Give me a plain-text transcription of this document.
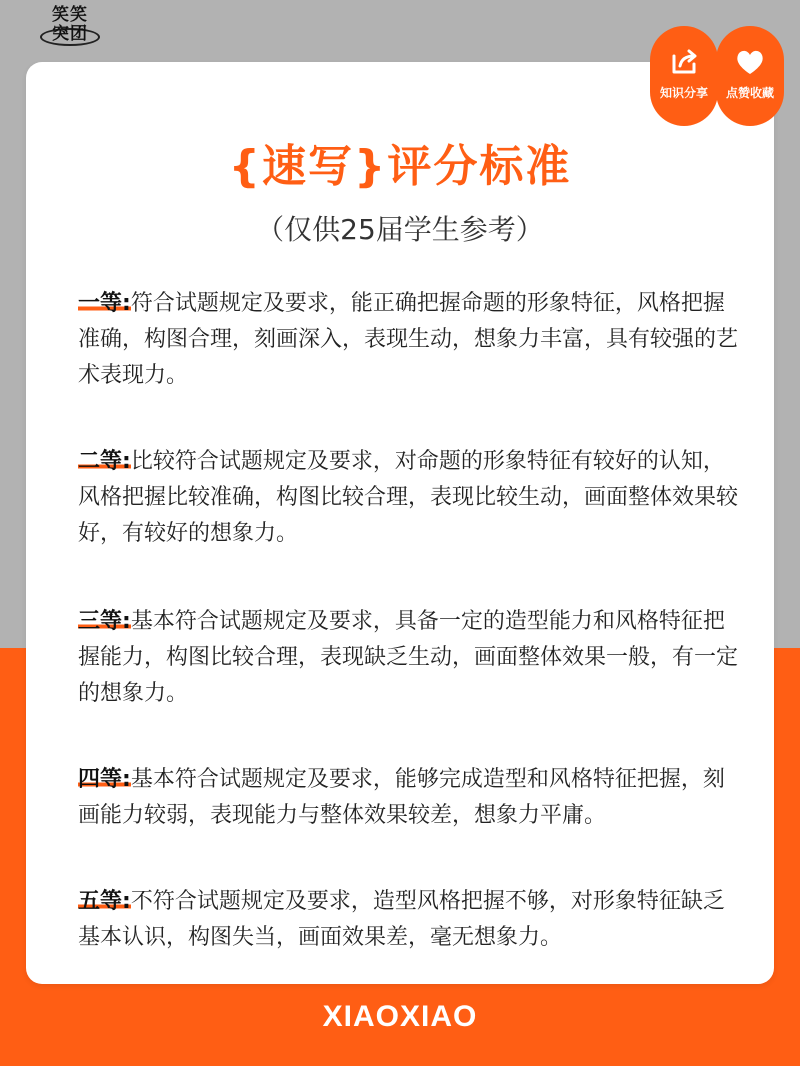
笑笑
突团
知识分享	点赞收藏
{速写}评分标准
（仅供25届学生参考）
一等:符合试题规定及要求，能正确把握命题的形象特征，风格把握准确，构图合理，刻画深入，表现生动，想象力丰富，具有较强的艺术表现力。
二等:比较符合试题规定及要求，对命题的形象特征有较好的认知，风格把握比较准确，构图比较合理，表现比较生动，画面整体效果较好，有较好的想象力。
三等:基本符合试题规定及要求，具备一定的造型能力和风格特征把握能力，构图比较合理，表现缺乏生动，画面整体效果一般，有一定的想象力。
四等:基本符合试题规定及要求，能够完成造型和风格特征把握，刻画能力较弱，表现能力与整体效果较差，想象力平庸。
五等:不符合试题规定及要求，造型风格把握不够，对形象特征缺乏基本认识，构图失当，画面效果差，毫无想象力。
XIAOXIAO
